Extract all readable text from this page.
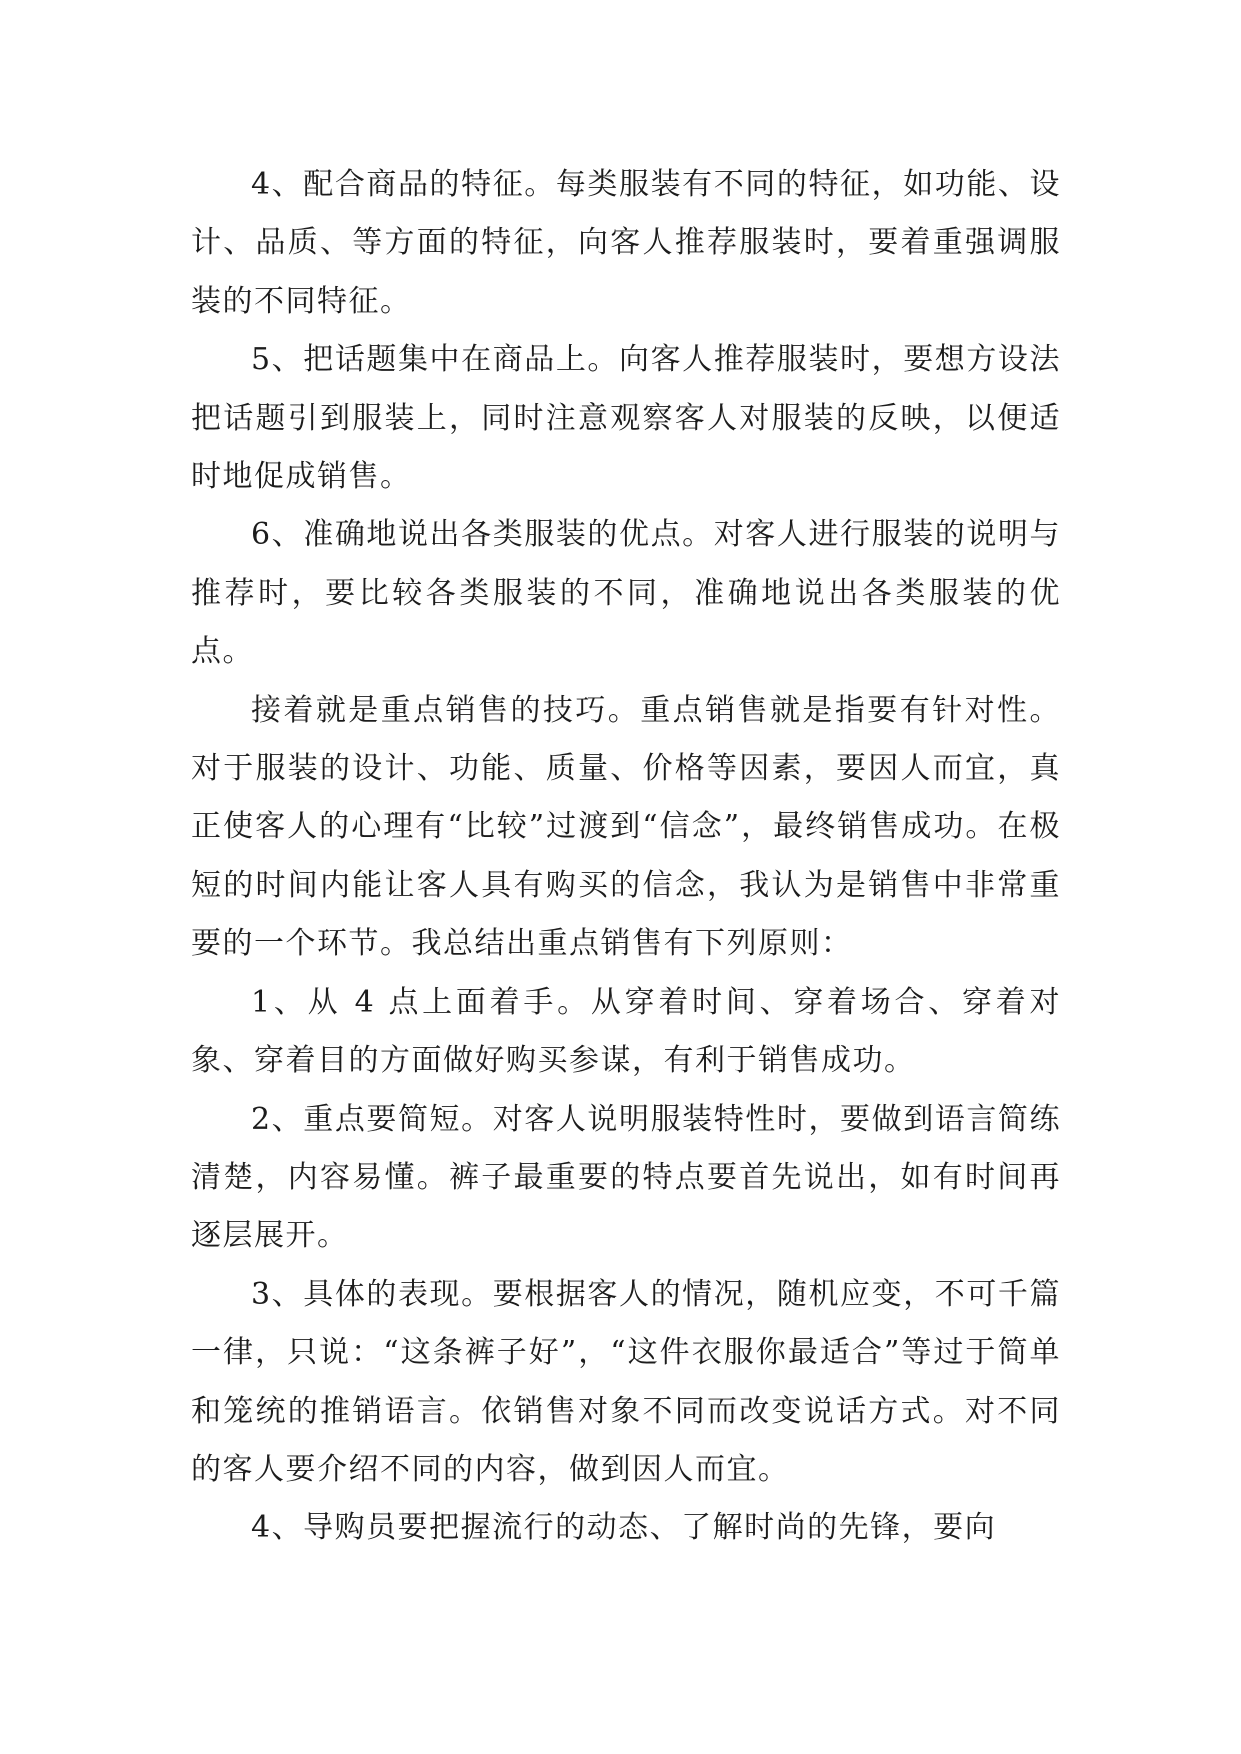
4、配合商品的特征。每类服装有不同的特征，如功能、设计、品质、等方面的特征，向客人推荐服装时，要着重强调服装的不同特征。

5、把话题集中在商品上。向客人推荐服装时，要想方设法把话题引到服装上，同时注意观察客人对服装的反映，以便适时地促成销售。

6、准确地说出各类服装的优点。对客人进行服装的说明与推荐时，要比较各类服装的不同，准确地说出各类服装的优点。

接着就是重点销售的技巧。重点销售就是指要有针对性。对于服装的设计、功能、质量、价格等因素，要因人而宜，真正使客人的心理有“比较”过渡到“信念”，最终销售成功。在极短的时间内能让客人具有购买的信念，我认为是销售中非常重要的一个环节。我总结出重点销售有下列原则：

1、从 4 点上面着手。从穿着时间、穿着场合、穿着对象、穿着目的方面做好购买参谋，有利于销售成功。

2、重点要简短。对客人说明服装特性时，要做到语言简练清楚，内容易懂。裤子最重要的特点要首先说出，如有时间再逐层展开。

3、具体的表现。要根据客人的情况，随机应变，不可千篇一律，只说：“这条裤子好”，“这件衣服你最适合”等过于简单和笼统的推销语言。依销售对象不同而改变说话方式。对不同的客人要介绍不同的内容，做到因人而宜。

4、导购员要把握流行的动态、了解时尚的先锋，要向
